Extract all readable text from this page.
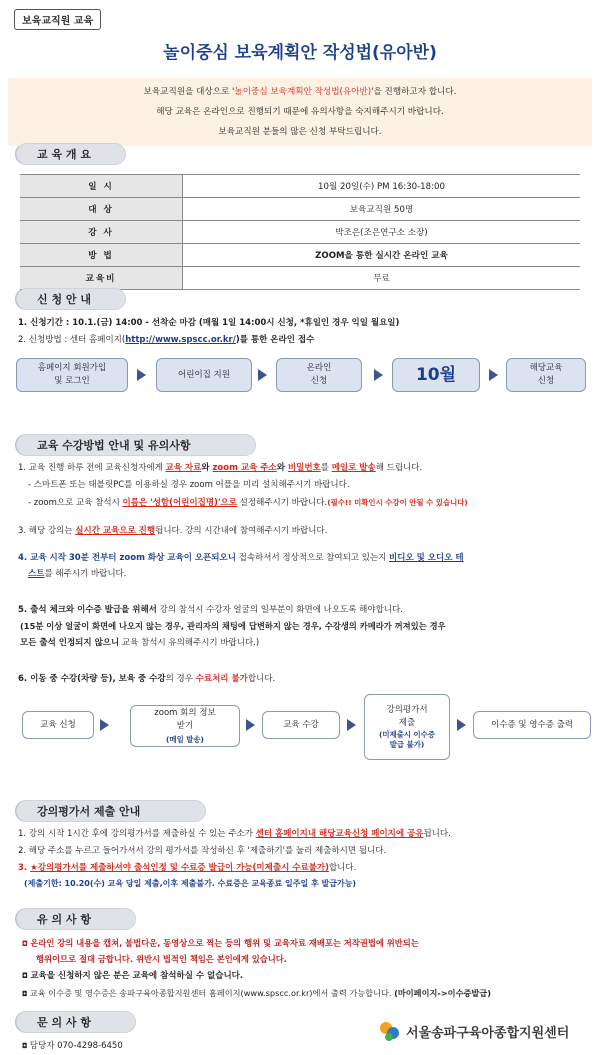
보육교직원 교육
놀이중심 보육계획안 작성법(유아반)
보육교직원을 대상으로 '놀이중심 보육계획안 작성법(유아반)'을 진행하고자 합니다.
해당 교육은 온라인으로 진행되기 때문에 유의사항을 숙지해주시기 바랍니다.
보육교직원 분들의 많은 신청 부탁드립니다.
교 육 개 요
일 시	10월 20일(수) PM 16:30-18:00
대 상	보육교직원 50명
강 사	박조은(조은연구소 소장)
방 법	ZOOM을 통한 실시간 온라인 교육
교육비	무료
신 청 안 내
1. 신청기간 : 10.1.(금) 14:00 - 선착순 마감 (매월 1일 14:00시 신청, *휴일인 경우 익일 월요일)
2. 신청방법 : 센터 홈페이지(http://www.spscc.or.kr/)를 통한 온라인 접수
홈페이지 회원가입
및 로그인
어린이집 지원
온라인
신청	10월	해당교육
신청
교육 수강방법 안내 및 유의사항
1. 교육 진행 하루 전에 교육신청자에게 교육 자료와 zoom 교육 주소와 비밀번호를 메일로 발송해 드립니다.
- 스마트폰 또는 태블릿PC를 이용하실 경우 zoom 어플을 미리 설치해주시기 바랍니다.
- zoom으로 교육 참석시 이름은 '성함(어린이집명)'으로 설정해주시기 바랍니다.(필수!! 미확인시 수강이 안될 수 있습니다)
3. 해당 강의는 실시간 교육으로 진행됩니다. 강의 시간내에 참여해주시기 바랍니다.
4. 교육 시작 30분 전부터 zoom 화상 교육이 오픈되오니 접속하셔서 정상적으로 참여되고 있는지 비디오 및 오디오 테
스트를 해주시기 바랍니다.
5. 출석 체크와 이수증 발급을 위해서 강의 참석시 수강자 얼굴의 일부분이 화면에 나오도록 해야합니다.
(15분 이상 얼굴이 화면에 나오지 않는 경우, 관리자의 채팅에 답변하지 않는 경우, 수강생의 카메라가 꺼져있는 경우
모든 출석 인정되지 않으니 교육 참석시 유의해주시기 바랍니다.)
6. 이동 중 수강(차량 등), 보육 중 수강의 경우 수료처리 불가합니다.
교육 신청
zoom 회의 정보
받기
(메일 발송)
교육 수강
강의평가서
제출
(미제출시 이수증
발급 불가)
이수증 및 영수증 출력
강의평가서 제출 안내
1. 강의 시작 1시간 후에 강의평가서를 제출하실 수 있는 주소가 센터 홈페이지내 해당교육신청 페이지에 공유됩니다.
2. 해당 주소를 누르고 들어가셔서 강의 평가서를 작성하신 후 '제출하기'를 눌러 제출하시면 됩니다.
3. ★강의평가서를 제출하셔야 출석인정 및 수료증 발급이 가능(미제출시 수료불가)합니다.
(제출기한: 10.20(수) 교육 당일 제출,이후 제출불가. 수료증은 교육종료 일주일 후 발급가능)
유 의 사 항
◘ 온라인 강의 내용을 캡쳐, 불법다운, 동영상으로 찍는 등의 행위 및 교육자료 재배포는 저작권법에 위반되는
행위이므로 절대 금합니다. 위반시 법적인 책임은 본인에게 있습니다.
◘ 교육을 신청하지 않은 분은 교육에 참석하실 수 없습니다.
◘ 교육 이수증 및 영수증은 송파구육아종합지원센터 홈페이지(www.spscc.or.kr)에서 출력 가능합니다. (마이페이지->이수증발급)
문 의 사 항
◘ 담당자 070-4298-6450
서울송파구육아종합지원센터
